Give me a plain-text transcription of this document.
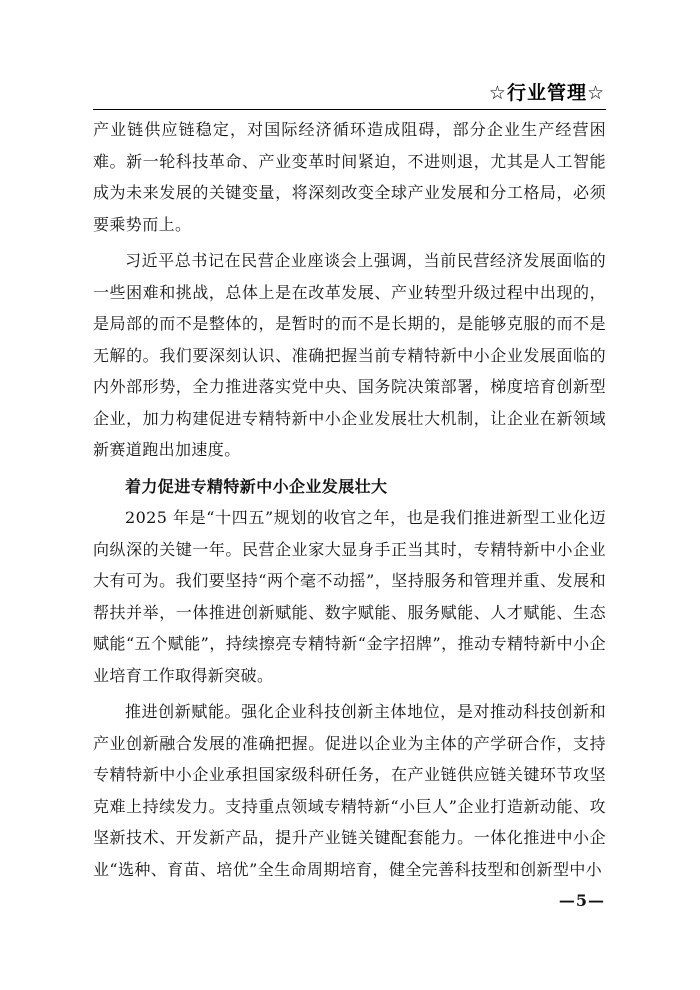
☆行业管理☆

产业链供应链稳定，对国际经济循环造成阻碍，部分企业生产经营困难。新一轮科技革命、产业变革时间紧迫，不进则退，尤其是人工智能成为未来发展的关键变量，将深刻改变全球产业发展和分工格局，必须要乘势而上。

习近平总书记在民营企业座谈会上强调，当前民营经济发展面临的一些困难和挑战，总体上是在改革发展、产业转型升级过程中出现的，是局部的而不是整体的，是暂时的而不是长期的，是能够克服的而不是无解的。我们要深刻认识、准确把握当前专精特新中小企业发展面临的内外部形势，全力推进落实党中央、国务院决策部署，梯度培育创新型企业，加力构建促进专精特新中小企业发展壮大机制，让企业在新领域新赛道跑出加速度。

着力促进专精特新中小企业发展壮大

2025 年是“十四五”规划的收官之年，也是我们推进新型工业化迈向纵深的关键一年。民营企业家大显身手正当其时，专精特新中小企业大有可为。我们要坚持“两个毫不动摇”，坚持服务和管理并重、发展和帮扶并举，一体推进创新赋能、数字赋能、服务赋能、人才赋能、生态赋能“五个赋能”，持续擦亮专精特新“金字招牌”，推动专精特新中小企业培育工作取得新突破。

推进创新赋能。强化企业科技创新主体地位，是对推动科技创新和产业创新融合发展的准确把握。促进以企业为主体的产学研合作，支持专精特新中小企业承担国家级科研任务，在产业链供应链关键环节攻坚克难上持续发力。支持重点领域专精特新“小巨人”企业打造新动能、攻坚新技术、开发新产品，提升产业链关键配套能力。一体化推进中小企业“选种、育苗、培优”全生命周期培育，健全完善科技型和创新型中小

—5—
